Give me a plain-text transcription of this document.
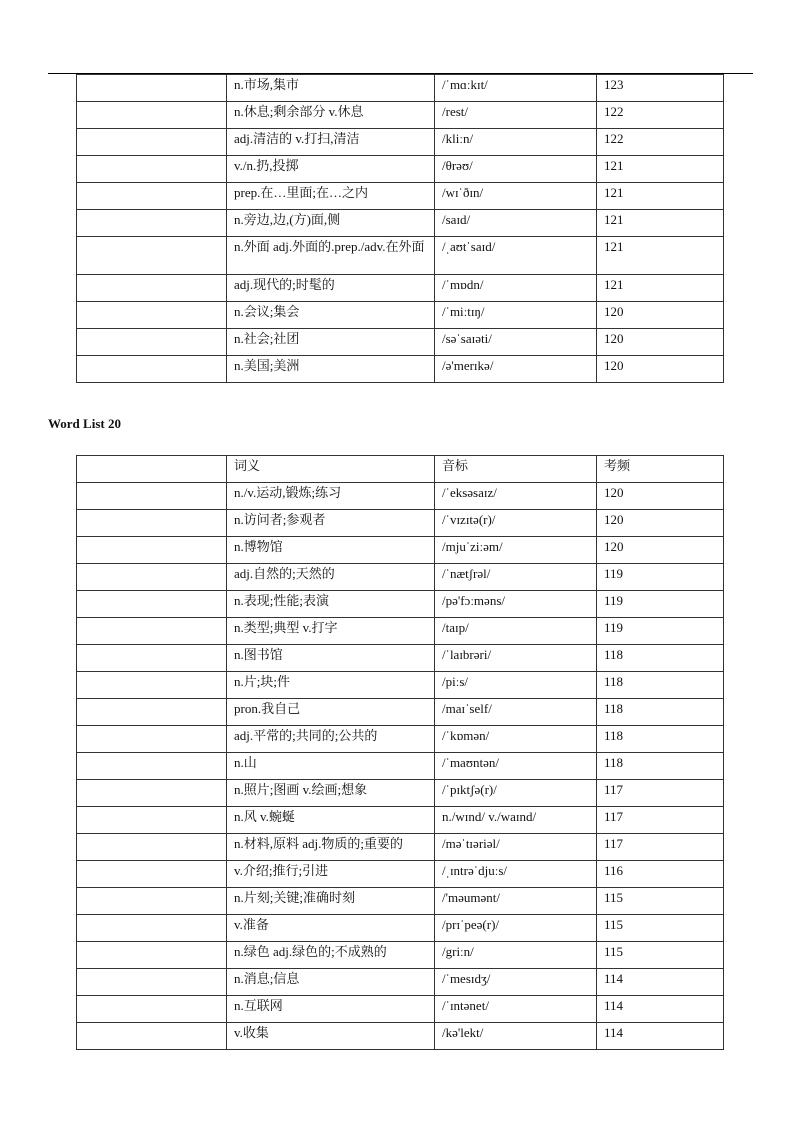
	n.市场,集市	/ˈmɑːkɪt/	123
	n.休息;剩余部分 v.休息	/rest/	122
	adj.清洁的 v.打扫,清洁	/kliːn/	122
	v./n.扔,投掷	/θrəʊ/	121
	prep.在…里面;在…之内	/wɪˈðɪn/	121
	n.旁边,边,(方)面,侧	/saɪd/	121
	n.外面 adj.外面的.prep./adv.在外面	/ˌaʊtˈsaɪd/	121
	adj.现代的;时髦的	/ˈmɒdn/	121
	n.会议;集会	/ˈmiːtɪŋ/	120
	n.社会;社团	/səˈsaɪəti/	120
	n.美国;美洲	/ə'merɪkə/	120
Word List 20
	词义	音标	考频
	n./v.运动,锻炼;练习	/ˈeksəsaɪz/	120
	n.访问者;参观者	/ˈvɪzɪtə(r)/	120
	n.博物馆	/mjuˈziːəm/	120
	adj.自然的;天然的	/ˈnætʃrəl/	119
	n.表现;性能;表演	/pə'fɔːməns/	119
	n.类型;典型 v.打字	/taɪp/	119
	n.图书馆	/ˈlaɪbrəri/	118
	n.片;块;件	/piːs/	118
	pron.我自己	/maɪˈself/	118
	adj.平常的;共同的;公共的	/ˈkɒmən/	118
	n.山	/ˈmaʊntən/	118
	n.照片;图画 v.绘画;想象	/ˈpɪktʃə(r)/	117
	n.风 v.蜿蜒	n./wɪnd/ v./waɪnd/	117
	n.材料,原料 adj.物质的;重要的	/məˈtɪəriəl/	117
	v.介绍;推行;引进	/ˌɪntrəˈdjuːs/	116
	n.片刻;关键;准确时刻	/'məumənt/	115
	v.准备	/prɪˈpeə(r)/	115
	n.绿色 adj.绿色的;不成熟的	/griːn/	115
	n.消息;信息	/ˈmesɪdʒ/	114
	n.互联网	/ˈɪntənet/	114
	v.收集	/kə'lekt/	114
